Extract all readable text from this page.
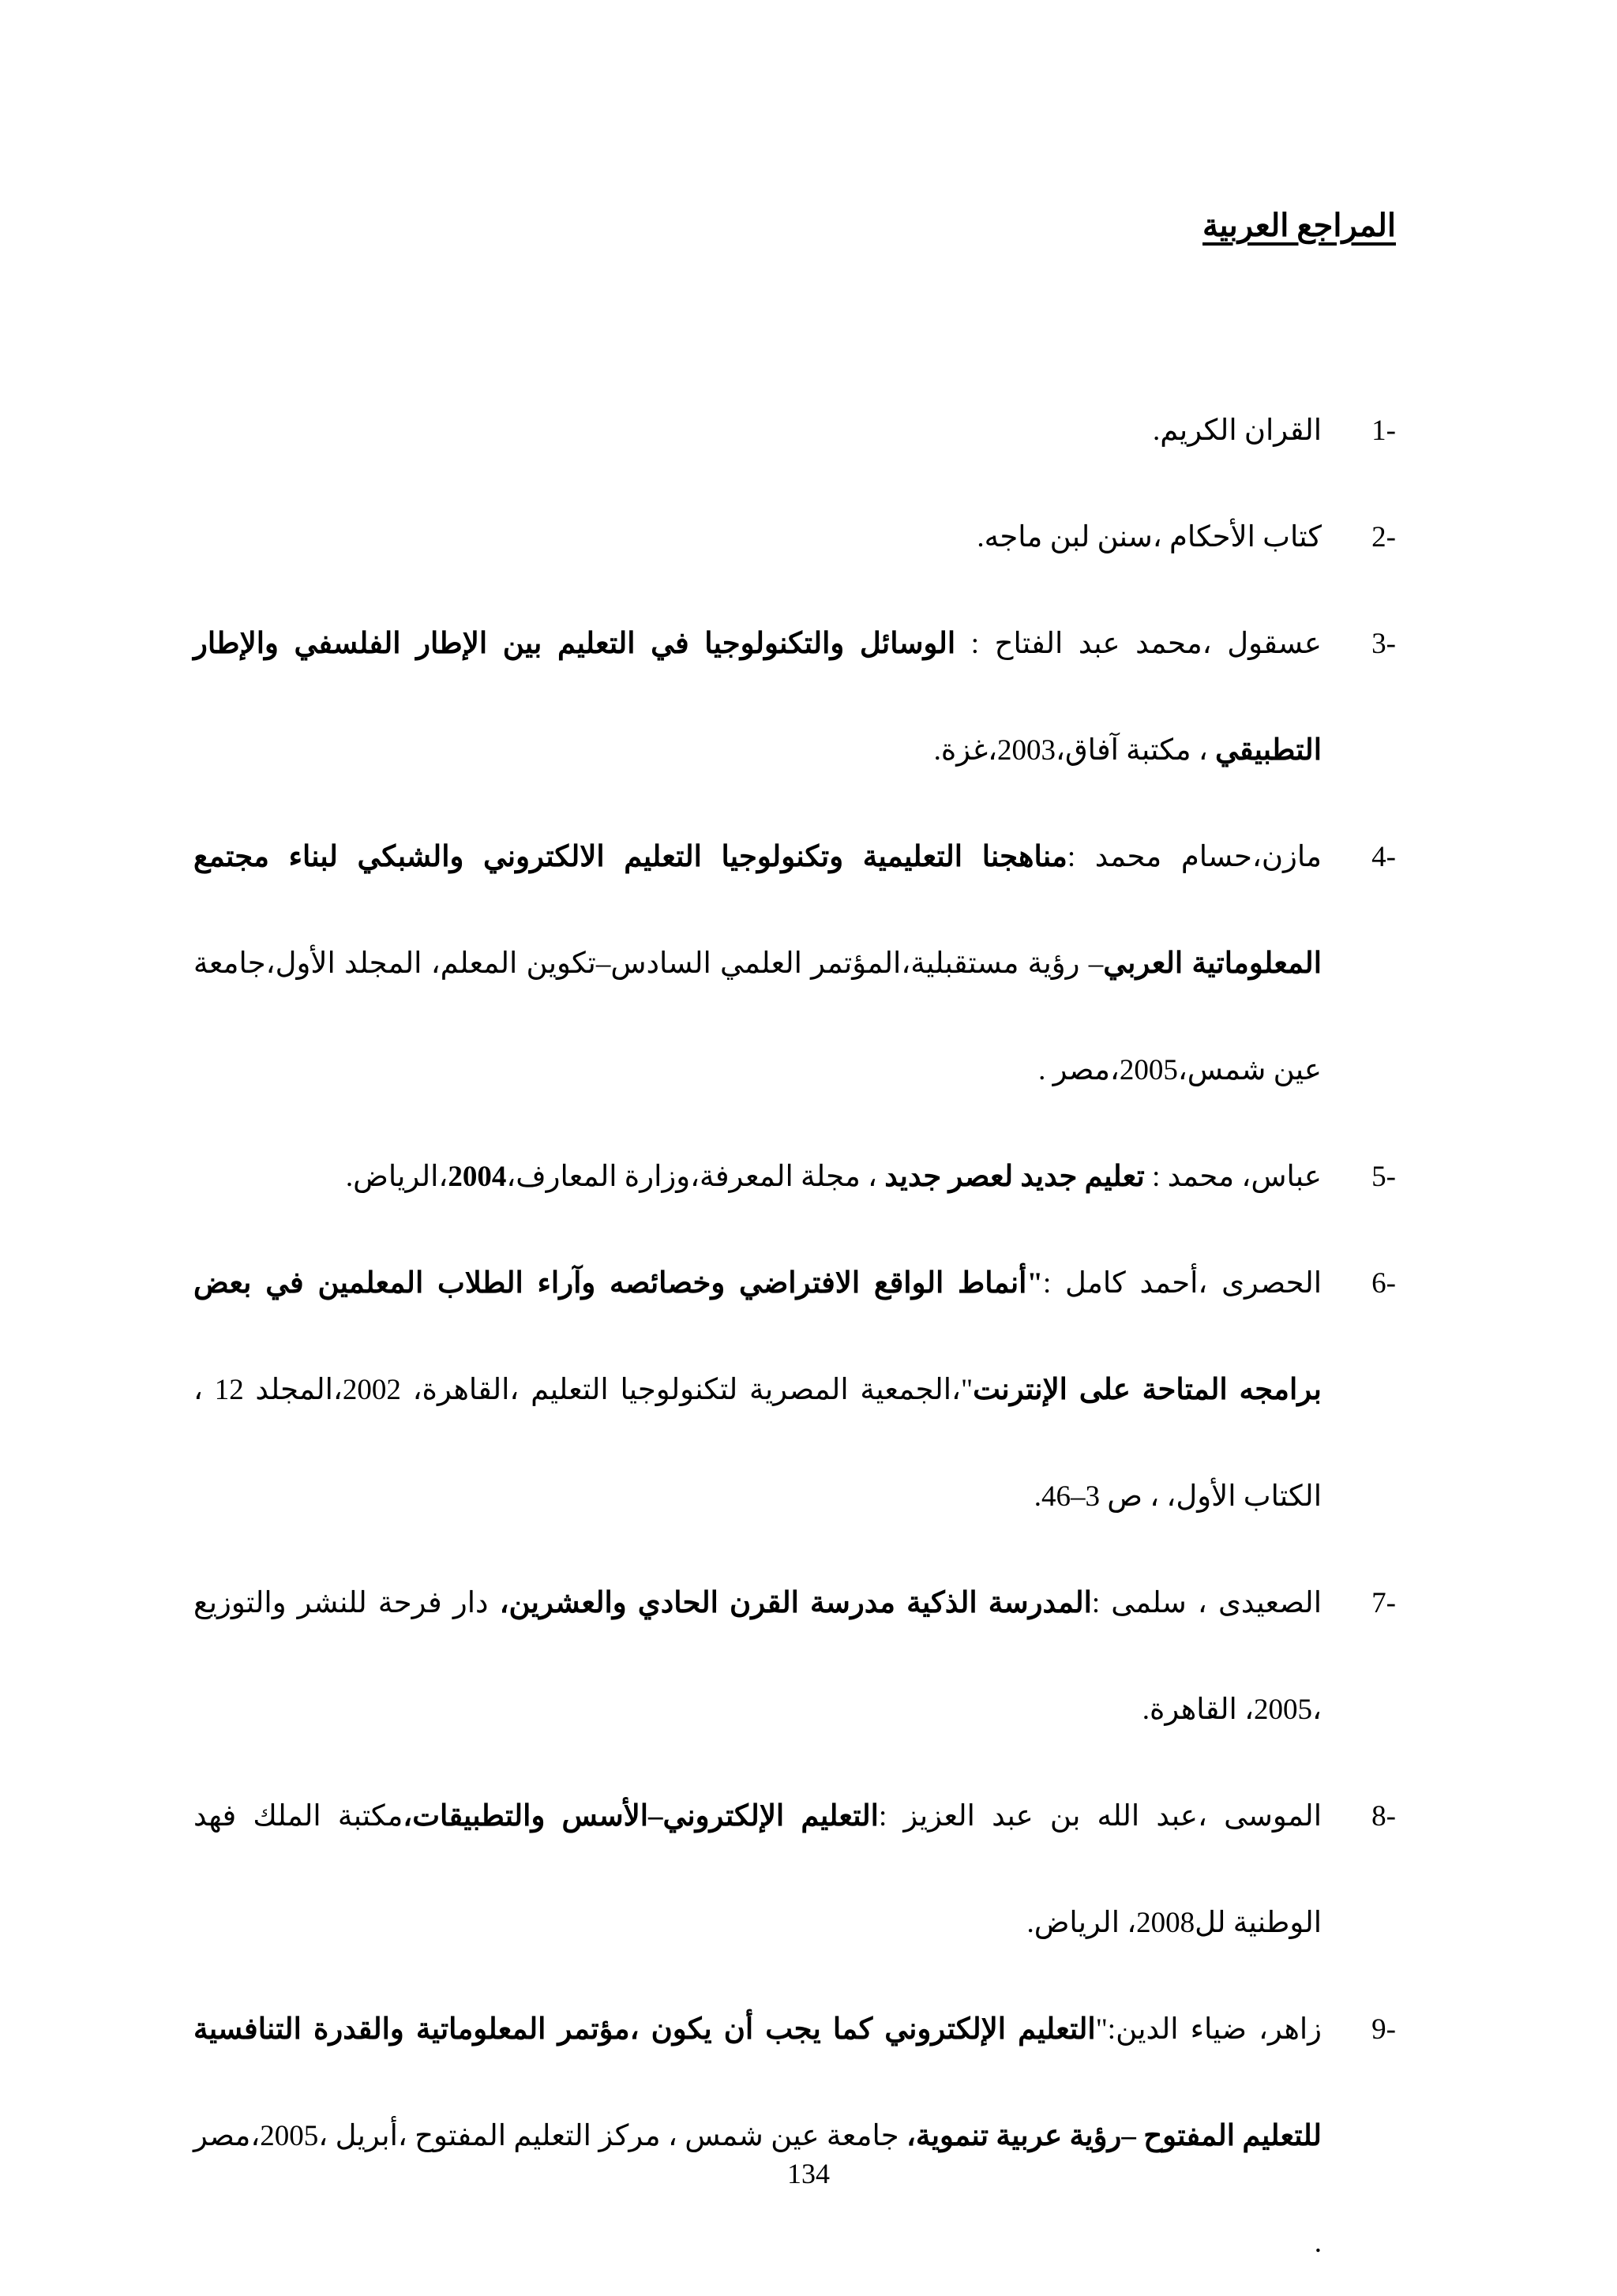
المراجع العربية
1-
القران الكريم.
2-
كتاب الأحكام ،سنن لبن ماجه.
3-
عسقول ،محمد عبد الفتاح : الوسائل والتكنولوجيا في التعليم بين الإطار الفلسفي والإطار التطبيقي ، مكتبة آفاق،2003،غزة.
4-
مازن،حسام محمد :مناهجنا التعليمية وتكنولوجيا التعليم الالكتروني والشبكي لبناء مجتمع المعلوماتية العربي– رؤية مستقبلية،المؤتمر العلمي السادس–تكوين المعلم، المجلد الأول،جامعة عين شمس،2005،مصر .
5-
عباس، محمد : تعليم جديد لعصر جديد ، مجلة المعرفة،وزارة المعارف،2004،الرياض.
6-
الحصرى ،أحمد كامل :"أنماط الواقع الافتراضي وخصائصه وآراء الطلاب المعلمين في بعض برامجه المتاحة على الإنترنت"،الجمعية المصرية لتكنولوجيا التعليم ،القاهرة، 2002،المجلد 12 ، الكتاب الأول، ، ص 3–46.
7-
الصعيدى ، سلمى :المدرسة الذكية مدرسة القرن الحادي والعشرين، دار فرحة للنشر والتوزيع ،2005، القاهرة.
8-
الموسى ،عبد الله بن عبد العزيز :التعليم الإلكتروني–الأسس والتطبيقات،مكتبة الملك فهد الوطنية لل2008، الرياض.
9-
زاهر، ضياء الدين:"التعليم الإلكتروني كما يجب أن يكون ،مؤتمر المعلوماتية والقدرة التنافسية للتعليم المفتوح –رؤية عربية تنموية، جامعة عين شمس ، مركز التعليم المفتوح ،أبريل ،2005،مصر .
134
